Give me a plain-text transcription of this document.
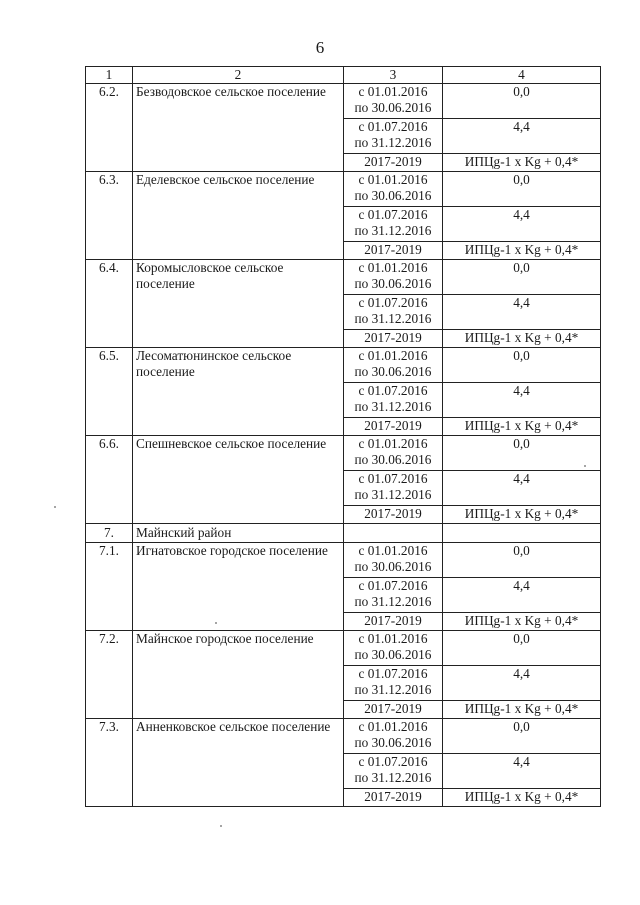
6
1	2	3	4
6.2.	Безводовское сельское поселение	с 01.01.2016
по 30.06.2016	0,0
		с 01.07.2016
по 31.12.2016	4,4
		2017-2019	ИПЦg-1 x Kg + 0,4*
6.3.	Еделевское сельское поселение	с 01.01.2016
по 30.06.2016	0,0
		с 01.07.2016
по 31.12.2016	4,4
		2017-2019	ИПЦg-1 x Kg + 0,4*
6.4.	Коромысловское сельское поселение	с 01.01.2016
по 30.06.2016	0,0
		с 01.07.2016
по 31.12.2016	4,4
		2017-2019	ИПЦg-1 x Kg + 0,4*
6.5.	Лесоматюнинское сельское поселение	с 01.01.2016
по 30.06.2016	0,0
		с 01.07.2016
по 31.12.2016	4,4
		2017-2019	ИПЦg-1 x Kg + 0,4*
6.6.	Спешневское сельское поселение	с 01.01.2016
по 30.06.2016	0,0
		с 01.07.2016
по 31.12.2016	4,4
		2017-2019	ИПЦg-1 x Kg + 0,4*
7.	Майнский район		
7.1.	Игнатовское городское поселение	с 01.01.2016
по 30.06.2016	0,0
		с 01.07.2016
по 31.12.2016	4,4
		2017-2019	ИПЦg-1 x Kg + 0,4*
7.2.	Майнское городское поселение	с 01.01.2016
по 30.06.2016	0,0
		с 01.07.2016
по 31.12.2016	4,4
		2017-2019	ИПЦg-1 x Kg + 0,4*
7.3.	Анненковское сельское поселение	с 01.01.2016
по 30.06.2016	0,0
		с 01.07.2016
по 31.12.2016	4,4
		2017-2019	ИПЦg-1 x Kg + 0,4*
